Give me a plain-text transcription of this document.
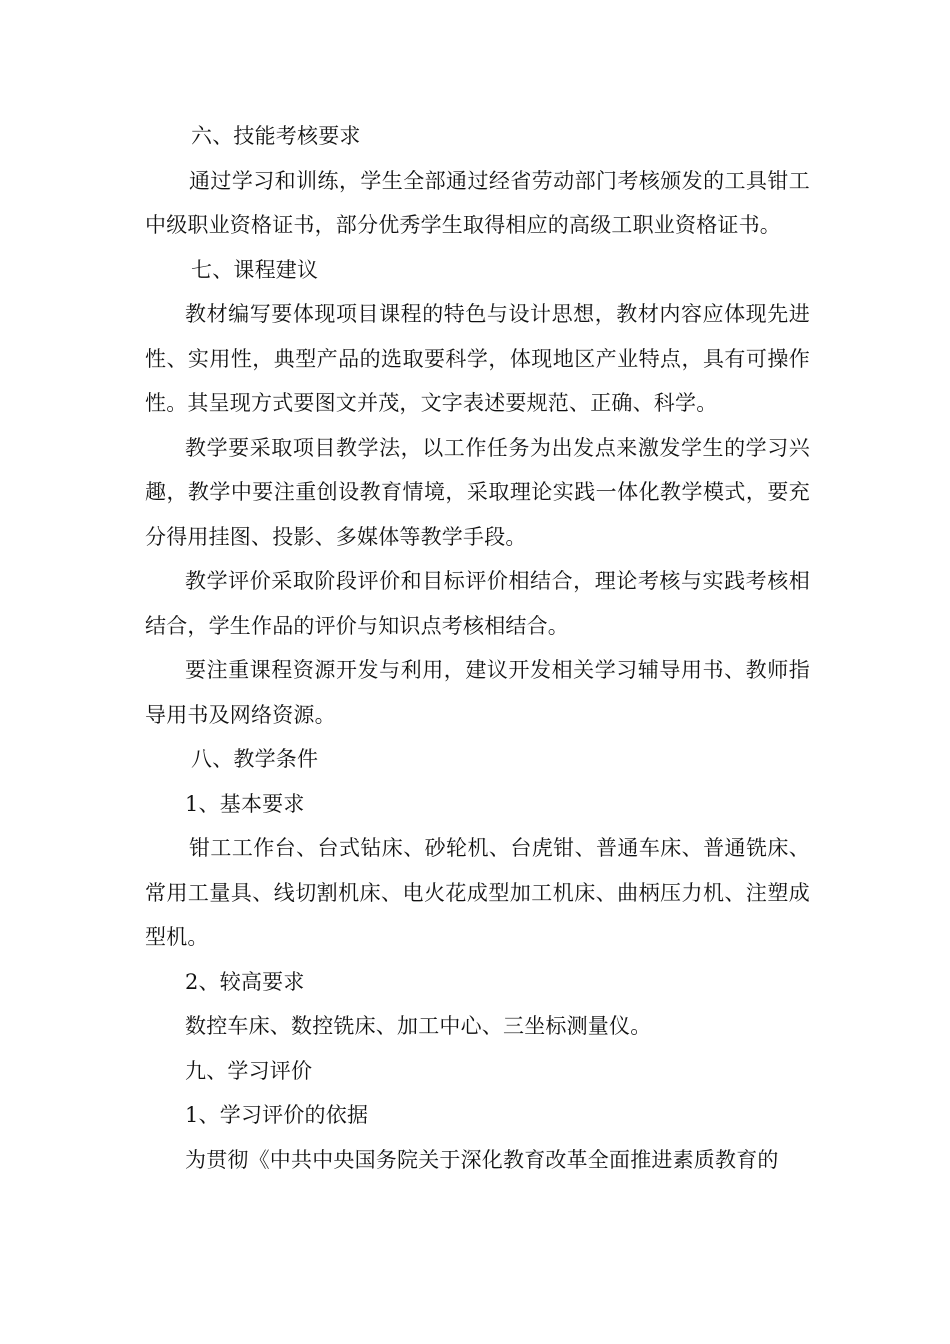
六、技能考核要求

通过学习和训练，学生全部通过经省劳动部门考核颁发的工具钳工中级职业资格证书，部分优秀学生取得相应的高级工职业资格证书。

七、课程建议

教材编写要体现项目课程的特色与设计思想，教材内容应体现先进性、实用性，典型产品的选取要科学，体现地区产业特点，具有可操作性。其呈现方式要图文并茂，文字表述要规范、正确、科学。

教学要采取项目教学法，以工作任务为出发点来激发学生的学习兴趣，教学中要注重创设教育情境，采取理论实践一体化教学模式，要充分得用挂图、投影、多媒体等教学手段。

教学评价采取阶段评价和目标评价相结合，理论考核与实践考核相结合，学生作品的评价与知识点考核相结合。

要注重课程资源开发与利用，建议开发相关学习辅导用书、教师指导用书及网络资源。

八、教学条件

1、基本要求

钳工工作台、台式钻床、砂轮机、台虎钳、普通车床、普通铣床、常用工量具、线切割机床、电火花成型加工机床、曲柄压力机、注塑成型机。

2、较高要求

数控车床、数控铣床、加工中心、三坐标测量仪。

九、学习评价

1、学习评价的依据

为贯彻《中共中央国务院关于深化教育改革全面推进素质教育的
